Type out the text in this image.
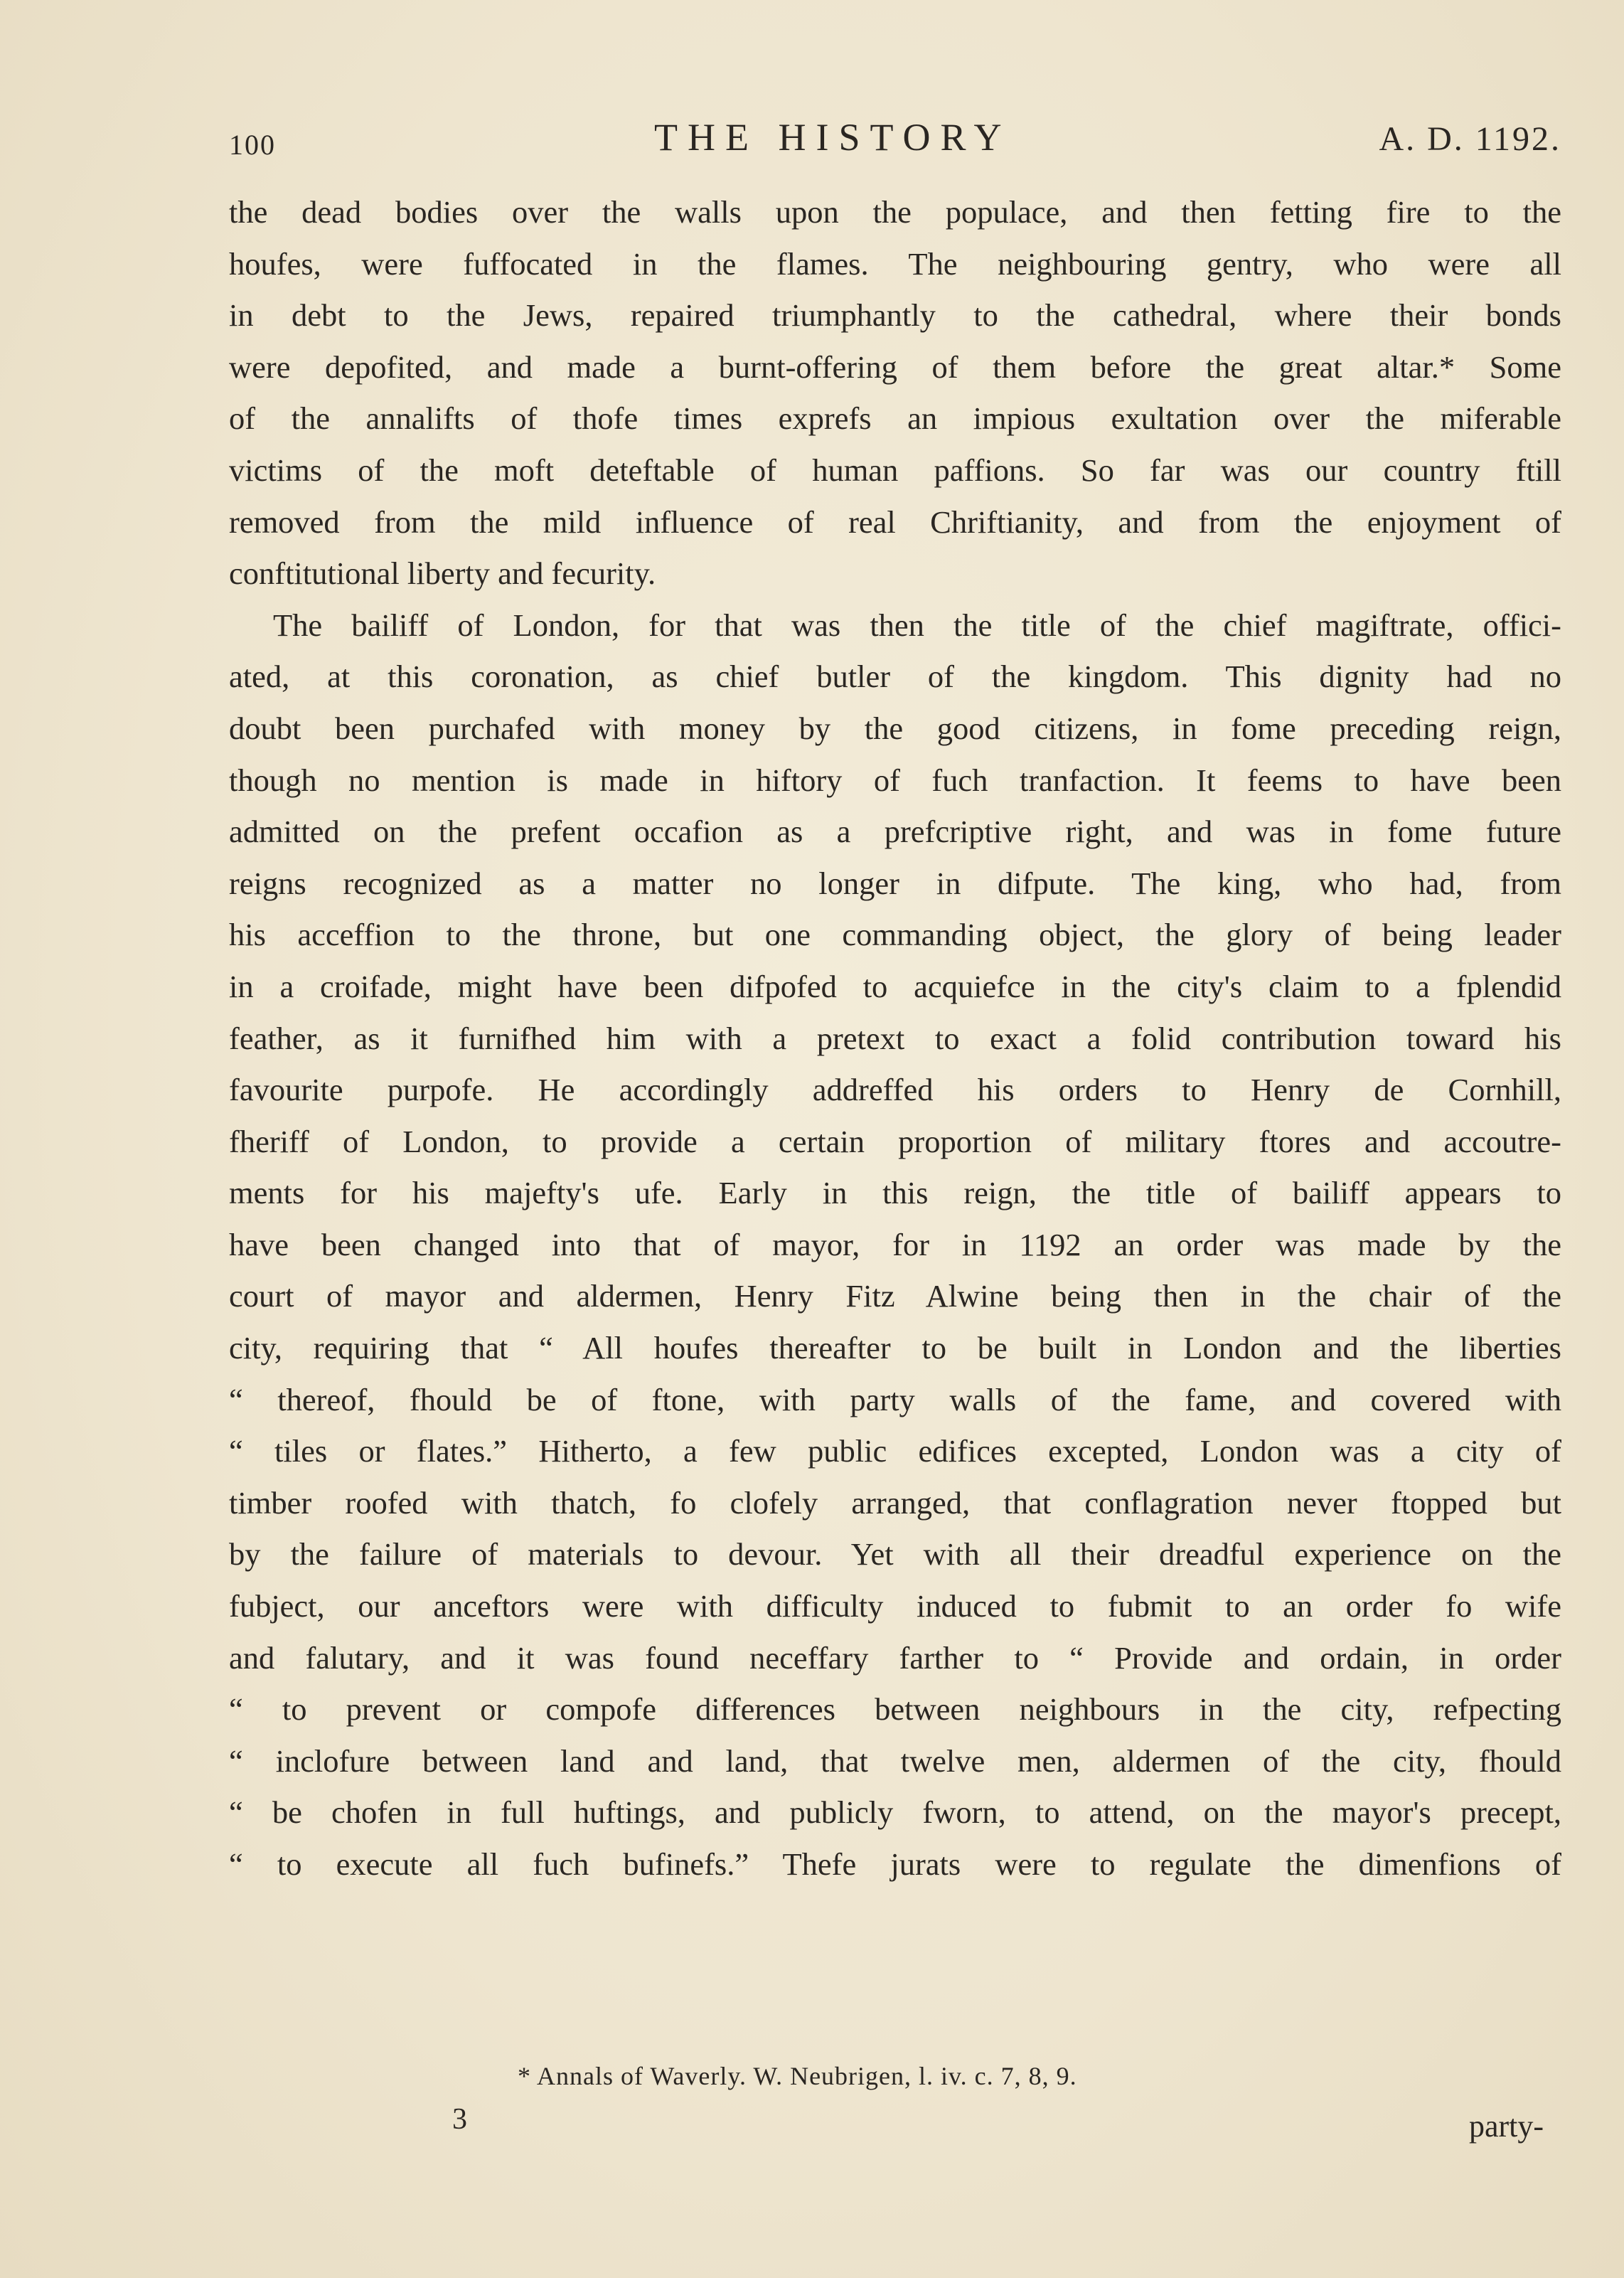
100	THE HISTORY	A. D. 1192.
the dead bodies over the walls upon the populace, and then fetting fire to the
houfes, were fuffocated in the flames. The neighbouring gentry, who were all
in debt to the Jews, repaired triumphantly to the cathedral, where their bonds
were depofited, and made a burnt-offering of them before the great altar.* Some
of the annalifts of thofe times exprefs an impious exultation over the miferable
victims of the moft deteftable of human paffions. So far was our country ftill
removed from the mild influence of real Chriftianity, and from the enjoyment of
conftitutional liberty and fecurity.
The bailiff of London, for that was then the title of the chief magiftrate, offici-
ated, at this coronation, as chief butler of the kingdom. This dignity had no
doubt been purchafed with money by the good citizens, in fome preceding reign,
though no mention is made in hiftory of fuch tranfaction. It feems to have been
admitted on the prefent occafion as a prefcriptive right, and was in fome future
reigns recognized as a matter no longer in difpute. The king, who had, from
his acceffion to the throne, but one commanding object, the glory of being leader
in a croifade, might have been difpofed to acquiefce in the city's claim to a fplendid
feather, as it furnifhed him with a pretext to exact a folid contribution toward his
favourite purpofe. He accordingly addreffed his orders to Henry de Cornhill,
fheriff of London, to provide a certain proportion of military ftores and accoutre-
ments for his majefty's ufe. Early in this reign, the title of bailiff appears to
have been changed into that of mayor, for in 1192 an order was made by the
court of mayor and aldermen, Henry Fitz Alwine being then in the chair of the
city, requiring that “ All houfes thereafter to be built in London and the liberties
“ thereof, fhould be of ftone, with party walls of the fame, and covered with
“ tiles or flates.” Hitherto, a few public edifices excepted, London was a city of
timber roofed with thatch, fo clofely arranged, that conflagration never ftopped but
by the failure of materials to devour. Yet with all their dreadful experience on the
fubject, our anceftors were with difficulty induced to fubmit to an order fo wife
and falutary, and it was found neceffary farther to “ Provide and ordain, in order
“ to prevent or compofe differences between neighbours in the city, refpecting
“ inclofure between land and land, that twelve men, aldermen of the city, fhould
“ be chofen in full huftings, and publicly fworn, to attend, on the mayor's precept,
“ to execute all fuch bufinefs.” Thefe jurats were to regulate the dimenfions of
* Annals of Waverly. W. Neubrigen, l. iv. c. 7, 8, 9.
3	party-
